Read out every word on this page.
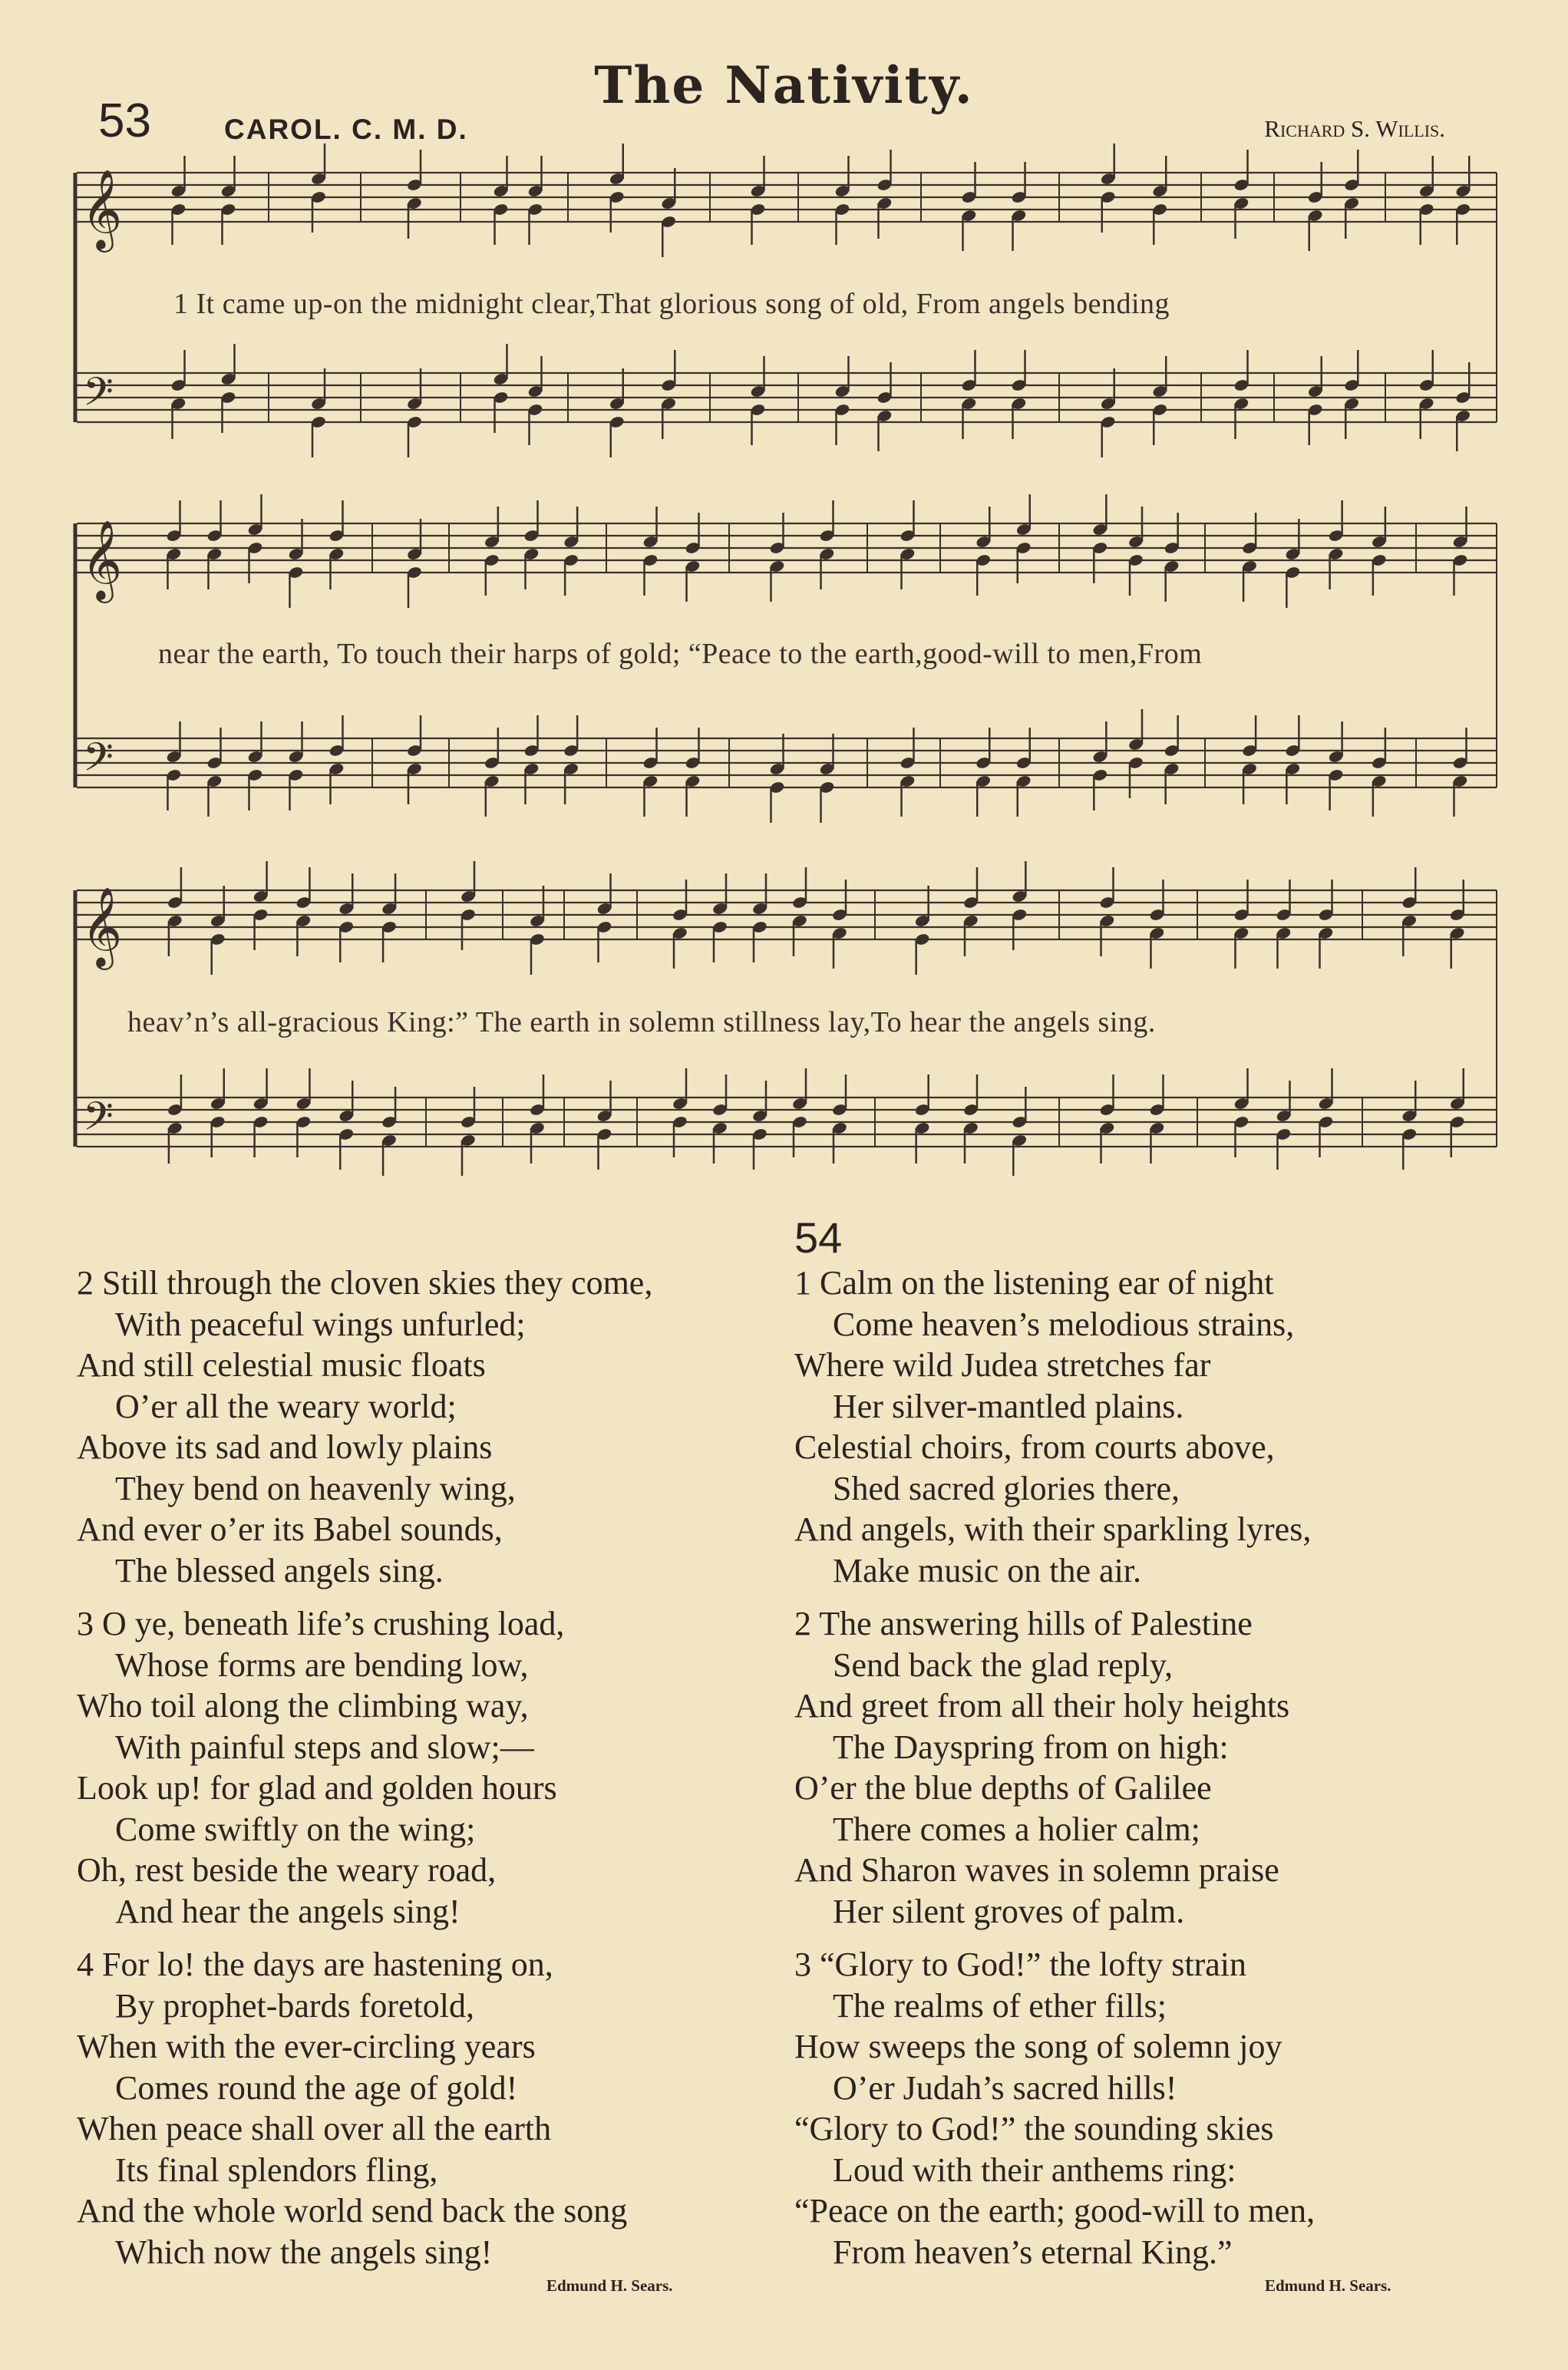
The Nativity.
53	CAROL. C. M. D.	Richard S. Willis.
𝄞
𝄢
𝄞
𝄢
𝄞
𝄢
1 It came up-on the midnight clear,That glorious song of old, From angels bending
near the earth, To touch their harps of gold; “Peace to the earth,good-will to men,From
heav’n’s all-gracious King:” The earth in solemn stillness lay,To hear the angels sing.
54
2 Still through the cloven skies they come,
With peaceful wings unfurled;
And still celestial music floats
O’er all the weary world;
Above its sad and lowly plains
They bend on heavenly wing,
And ever o’er its Babel sounds,
The blessed angels sing.
3 O ye, beneath life’s crushing load,
Whose forms are bending low,
Who toil along the climbing way,
With painful steps and slow;—
Look up! for glad and golden hours
Come swiftly on the wing;
Oh, rest beside the weary road,
And hear the angels sing!
4 For lo! the days are hastening on,
By prophet-bards foretold,
When with the ever-circling years
Comes round the age of gold!
When peace shall over all the earth
Its final splendors fling,
And the whole world send back the song
Which now the angels sing!
Edmund H. Sears.
1 Calm on the listening ear of night
Come heaven’s melodious strains,
Where wild Judea stretches far
Her silver-mantled plains.
Celestial choirs, from courts above,
Shed sacred glories there,
And angels, with their sparkling lyres,
Make music on the air.
2 The answering hills of Palestine
Send back the glad reply,
And greet from all their holy heights
The Dayspring from on high:
O’er the blue depths of Galilee
There comes a holier calm;
And Sharon waves in solemn praise
Her silent groves of palm.
3 “Glory to God!” the lofty strain
The realms of ether fills;
How sweeps the song of solemn joy
O’er Judah’s sacred hills!
“Glory to God!” the sounding skies
Loud with their anthems ring:
“Peace on the earth; good-will to men,
From heaven’s eternal King.”
Edmund H. Sears.
